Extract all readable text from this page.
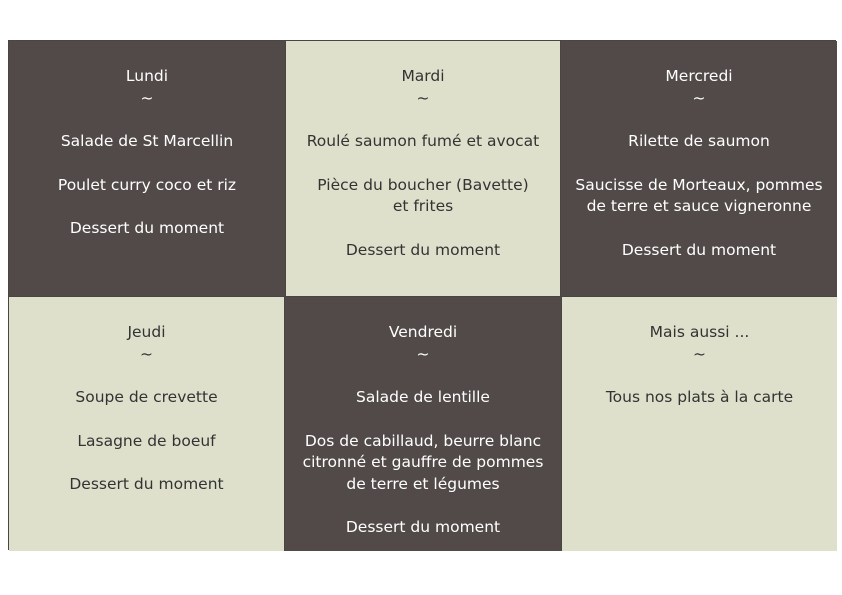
Lundi
~
Salade de St Marcellin
Poulet curry coco et riz
Dessert du moment
Mardi
~
Roulé saumon fumé et avocat
Pièce du boucher (Bavette)
et frites
Dessert du moment
Mercredi
~
Rilette de saumon
Saucisse de Morteaux, pommes de terre et sauce vigneronne
Dessert du moment
Jeudi
~
Soupe de crevette
Lasagne de boeuf
Dessert du moment
Vendredi
~
Salade de lentille
Dos de cabillaud, beurre blanc citronné et gauffre de pommes de terre et légumes
Dessert du moment
Mais aussi ...
~
Tous nos plats à la carte
